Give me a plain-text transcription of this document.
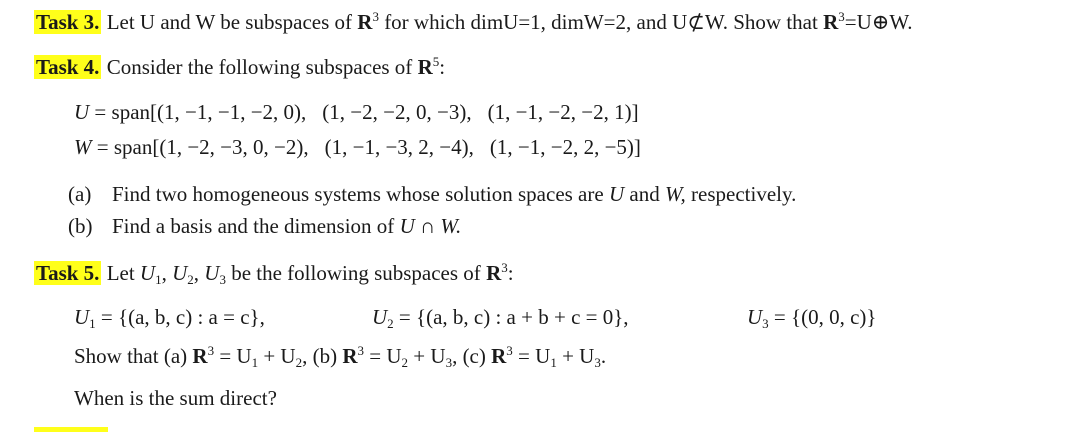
Task 3. Let U and W be subspaces of $R^3$ for which dimU=1, dimW=2, and U⊄W. Show that $R^3=U\oplus W$.
Task 4. Consider the following subspaces of $R^5$:
U = span[(1, −1, −1, −2, 0), (1, −2, −2, 0, −3), (1, −1, −2, −2, 1)]
W = span[(1, −2, −3, 0, −2), (1, −1, −3, 2, −4), (1, −1, −2, 2, −5)]
(a) Find two homogeneous systems whose solution spaces are U and W, respectively.
(b) Find a basis and the dimension of U ∩ W.
Task 5. Let $U_1$, $U_2$, $U_3$ be the following subspaces of $R^3$:
$U_1 = \{(a$, b, c) : a = c},	$U_2 = \{(a$, b, c) : a + b + c = 0},	$U_3 = \{(0$, 0, c)}
Show that (a) $R^3 = U_1 + U_2$, (b) $R^3 = U_2 + U_3$, (c) $R^3 = U_1 + U_3$.
When is the sum direct?
